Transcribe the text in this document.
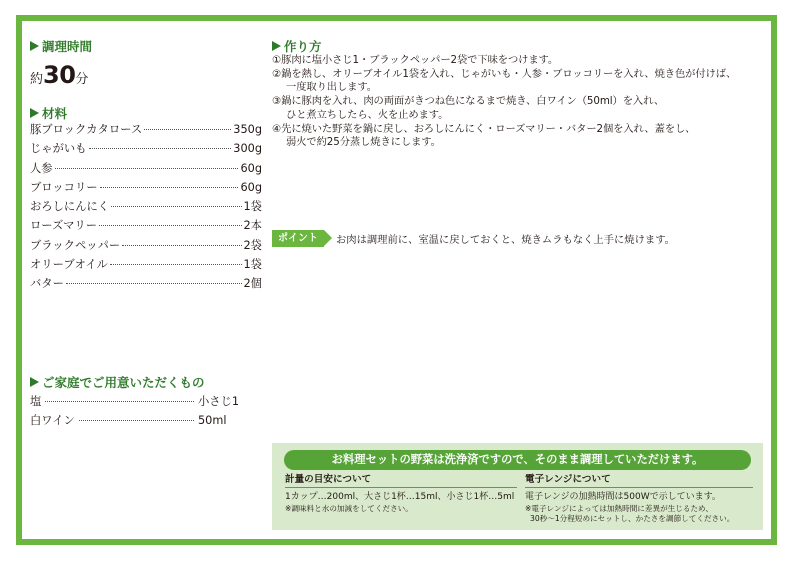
調理時間
約30分
材料
豚ブロックカタロース	350g
じゃがいも	300g
人参	60g
ブロッコリー	60g
おろしにんにく	1袋
ローズマリー	2本
ブラックペッパー	2袋
オリーブオイル	1袋
バター	2個
ご家庭でご用意いただくもの
塩	小さじ1
白ワイン	50ml
作り方
①豚肉に塩小さじ1・ブラックペッパー2袋で下味をつけます。
②鍋を熱し、オリーブオイル1袋を入れ、じゃがいも・人参・ブロッコリーを入れ、焼き色が付けば、
一度取り出します。
③鍋に豚肉を入れ、肉の両面がきつね色になるまで焼き、白ワイン（50ml）を入れ、
ひと煮立ちしたら、火を止めます。
④先に焼いた野菜を鍋に戻し、おろしにんにく・ローズマリー・バター2個を入れ、蓋をし、
弱火で約25分蒸し焼きにします。
ポイント	お肉は調理前に、室温に戻しておくと、焼きムラもなく上手に焼けます。
お料理セットの野菜は洗浄済ですので、そのまま調理していただけます。
計量の目安について
1カップ…200ml、大さじ1杯…15ml、小さじ1杯…5ml
※調味料と水の加減をしてください。
電子レンジについて
電子レンジの加熱時間は500Wで示しています。
※電子レンジによっては加熱時間に差異が生じるため、
30秒～1分程短めにセットし、かたさを調節してください。
